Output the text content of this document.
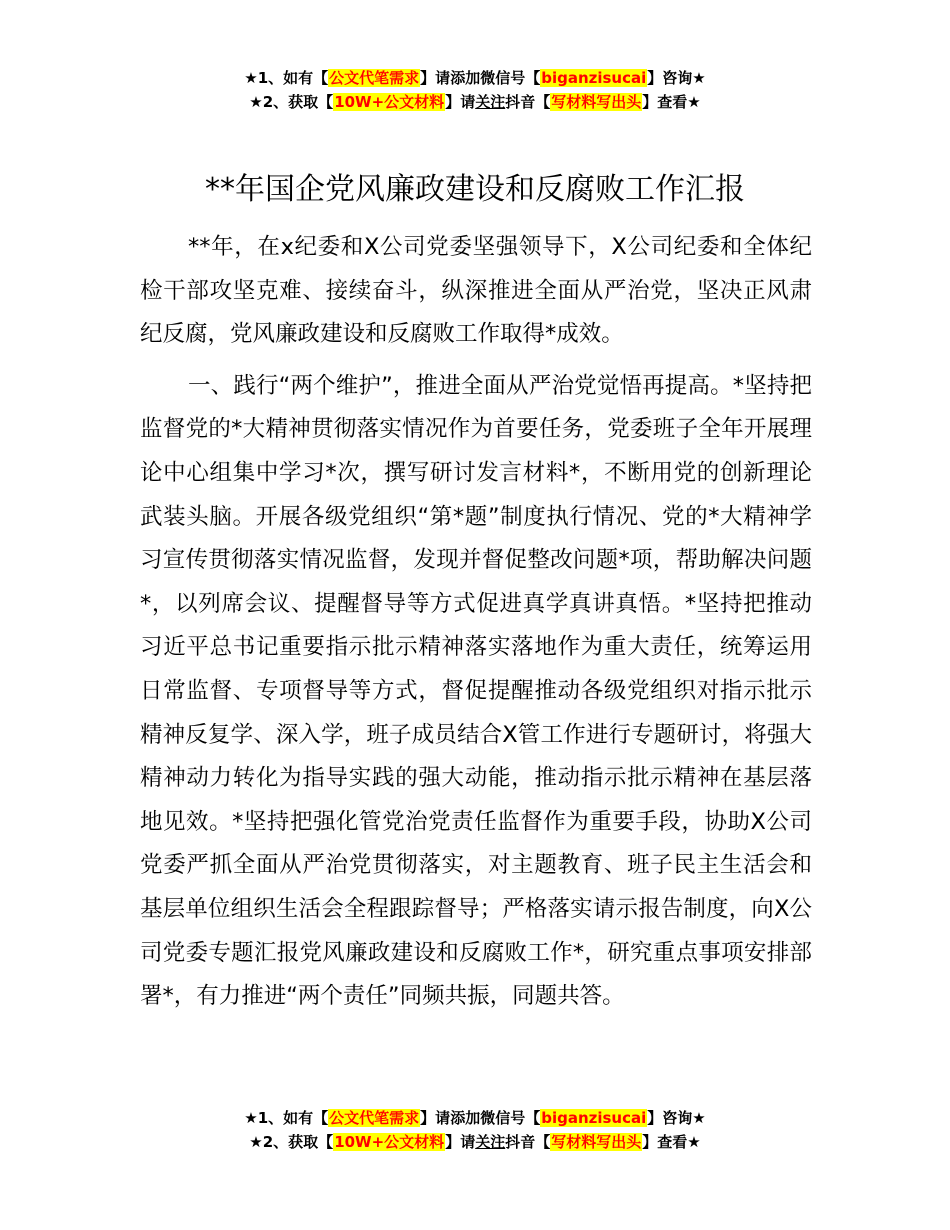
★1、如有【公文代笔需求】请添加微信号【biganzisucai】咨询★
★2、获取【10W+公文材料】请关注抖音【写材料写出头】查看★
**年国企党风廉政建设和反腐败工作汇报

**年，在x纪委和X公司党委坚强领导下，X公司纪委和全体纪检干部攻坚克难、接续奋斗，纵深推进全面从严治党，坚决正风肃纪反腐，党风廉政建设和反腐败工作取得*成效。

一、践行“两个维护”，推进全面从严治党觉悟再提高。*坚持把监督党的*大精神贯彻落实情况作为首要任务，党委班子全年开展理论中心组集中学习*次，撰写研讨发言材料*，不断用党的创新理论武装头脑。开展各级党组织“第*题”制度执行情况、党的*大精神学习宣传贯彻落实情况监督，发现并督促整改问题*项，帮助解决问题*，以列席会议、提醒督导等方式促进真学真讲真悟。*坚持把推动习近平总书记重要指示批示精神落实落地作为重大责任，统筹运用日常监督、专项督导等方式，督促提醒推动各级党组织对指示批示精神反复学、深入学，班子成员结合X管工作进行专题研讨，将强大精神动力转化为指导实践的强大动能，推动指示批示精神在基层落地见效。*坚持把强化管党治党责任监督作为重要手段，协助X公司党委严抓全面从严治党贯彻落实，对主题教育、班子民主生活会和基层单位组织生活会全程跟踪督导；严格落实请示报告制度，向X公司党委专题汇报党风廉政建设和反腐败工作*，研究重点事项安排部署*，有力推进“两个责任”同频共振，同题共答。

★1、如有【公文代笔需求】请添加微信号【biganzisucai】咨询★
★2、获取【10W+公文材料】请关注抖音【写材料写出头】查看★
